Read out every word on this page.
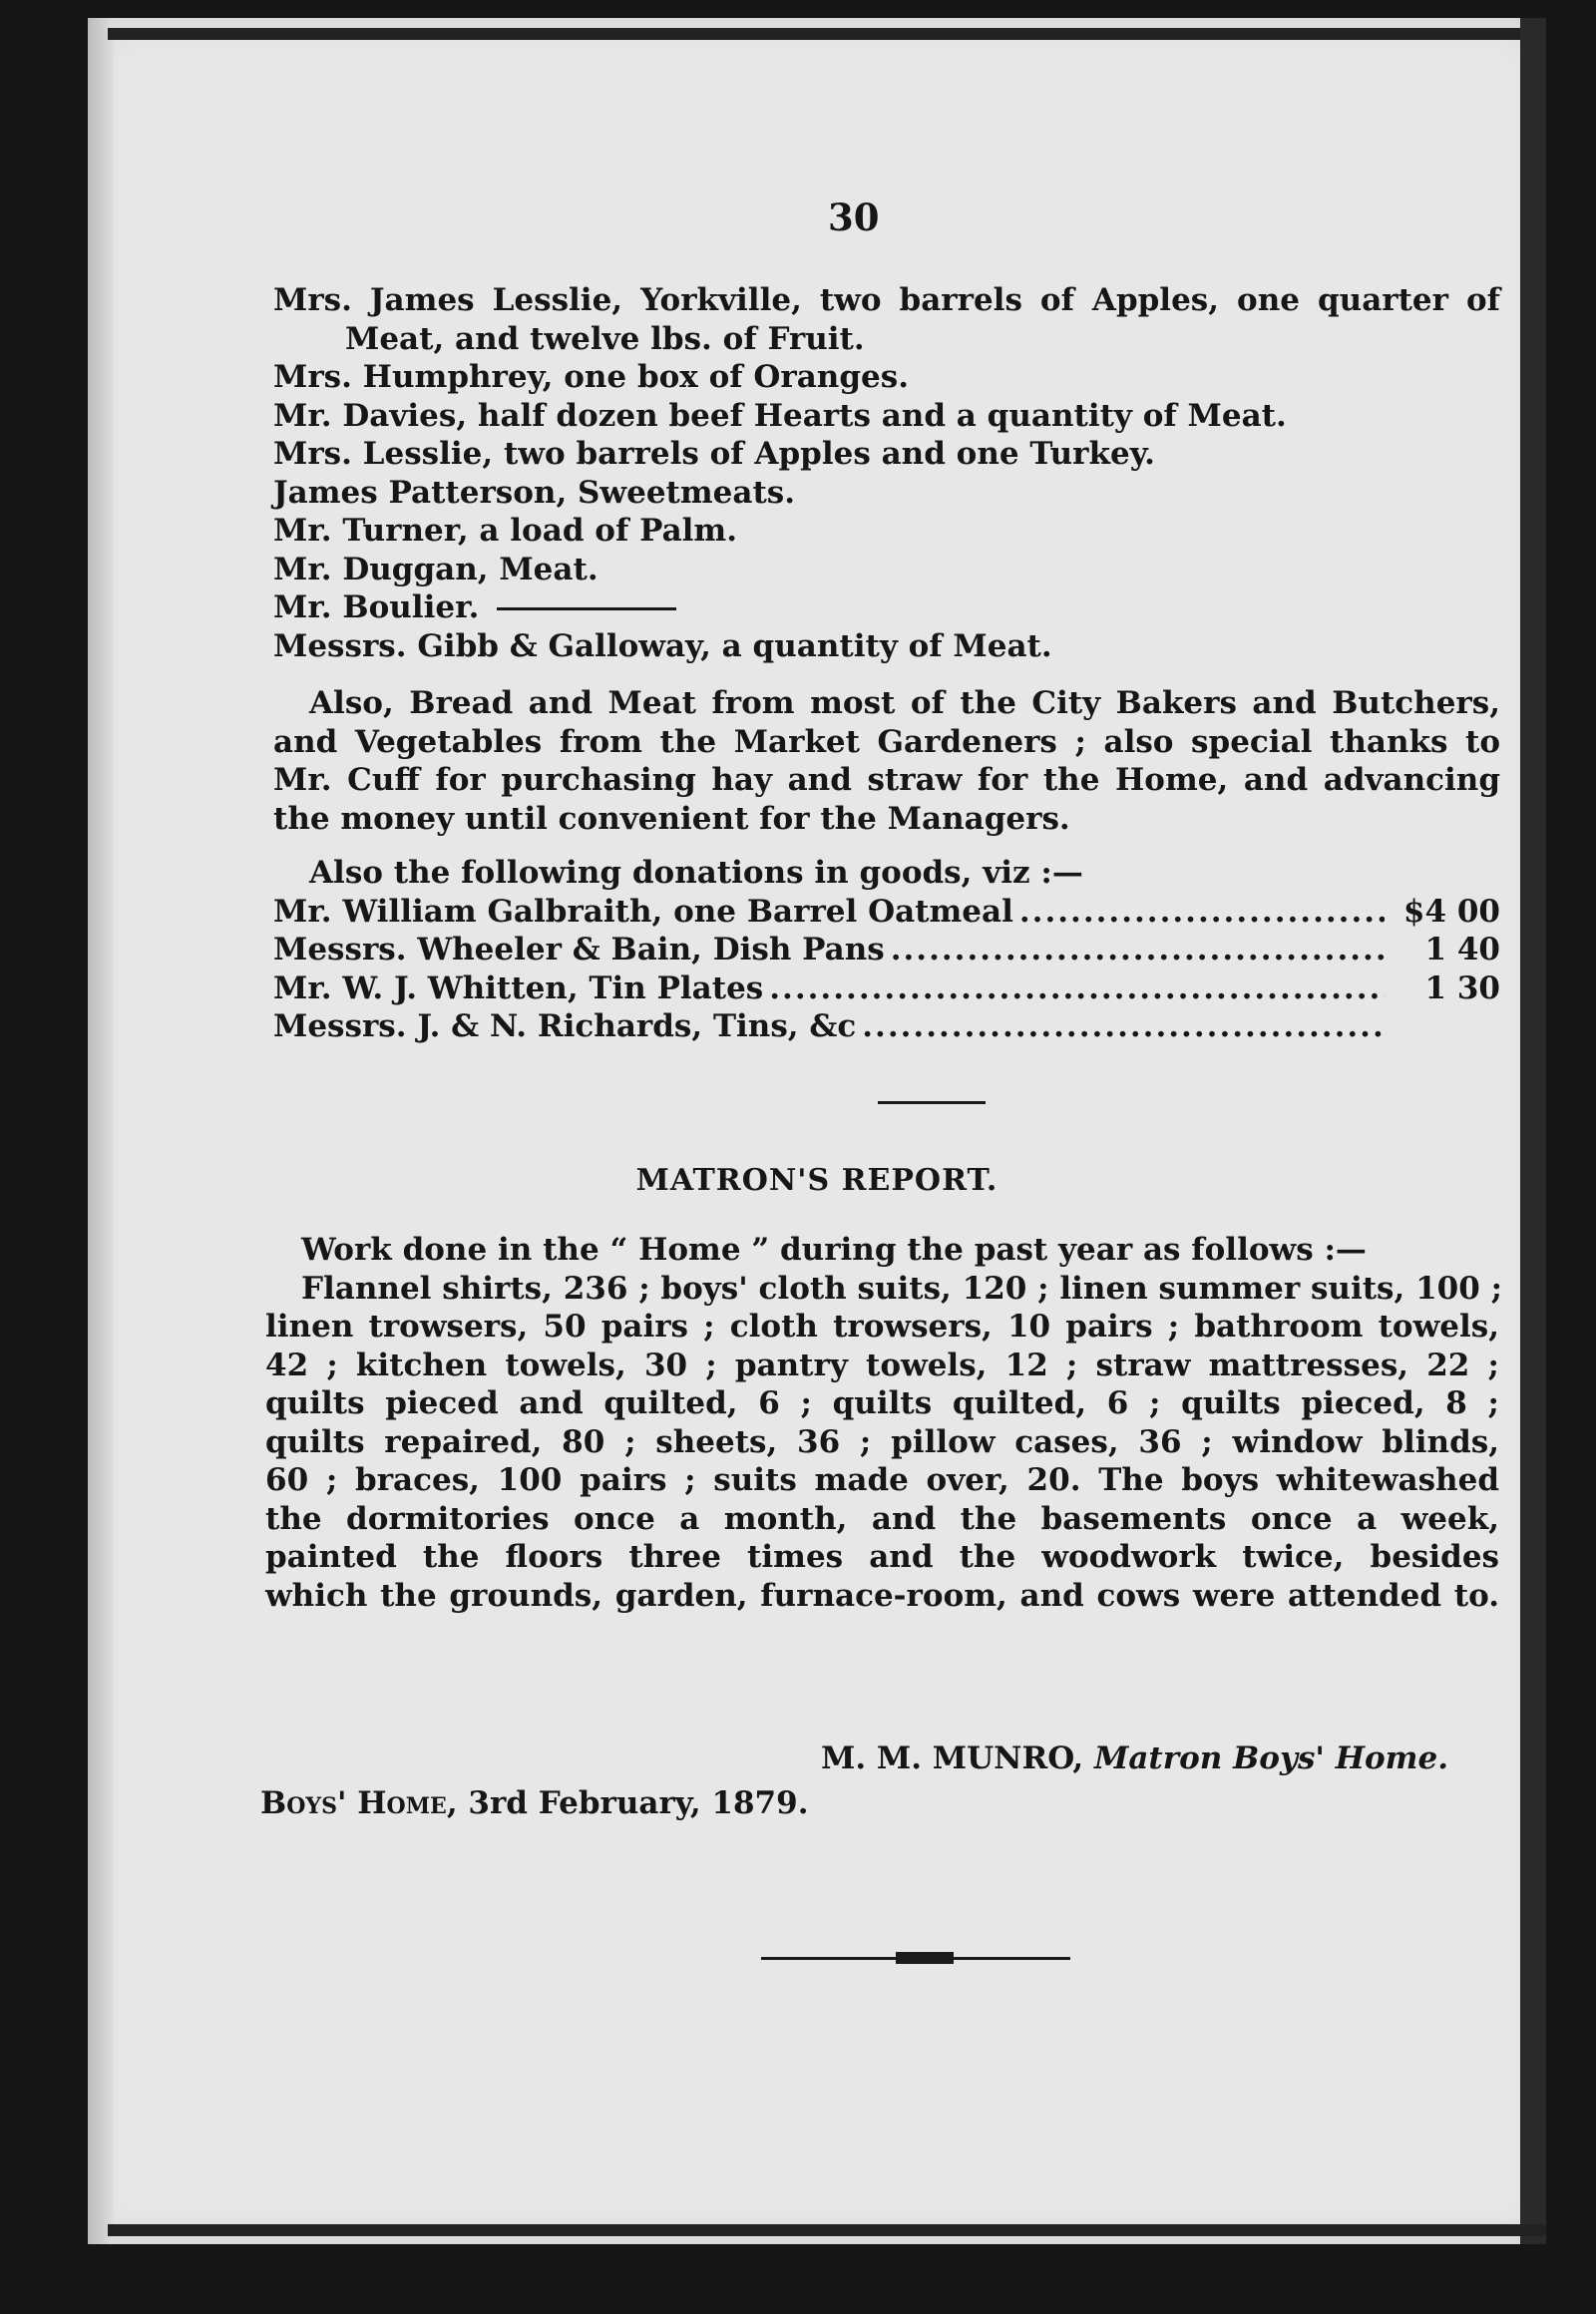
30
Mrs. James Lesslie, Yorkville, two barrels of Apples, one quarter of
Meat, and twelve lbs. of Fruit.
Mrs. Humphrey, one box of Oranges.
Mr. Davies, half dozen beef Hearts and a quantity of Meat.
Mrs. Lesslie, two barrels of Apples and one Turkey.
James Patterson, Sweetmeats.
Mr. Turner, a load of Palm.
Mr. Duggan, Meat.
Mr. Boulier.
Messrs. Gibb & Galloway, a quantity of Meat.
Also, Bread and Meat from most of the City Bakers and Butchers,
and Vegetables from the Market Gardeners ; also special thanks to
Mr. Cuff for purchasing hay and straw for the Home, and advancing
the money until convenient for the Managers.
Also the following donations in goods, viz :—
Mr. William Galbraith, one Barrel Oatmeal .....	$4 00
Messrs. Wheeler & Bain, Dish Pans .....	1 40
Mr. W. J. Whitten, Tin Plates .....	1 30
Messrs. J. & N. Richards, Tins, &c
.....
MATRON'S REPORT.
Work done in the “ Home ” during the past year as follows :—
Flannel shirts, 236 ; boys' cloth suits, 120 ; linen summer suits, 100 ;
linen trowsers, 50 pairs ; cloth trowsers, 10 pairs ; bathroom towels,
42 ; kitchen towels, 30 ; pantry towels, 12 ; straw mattresses, 22 ;
quilts pieced and quilted, 6 ; quilts quilted, 6 ; quilts pieced, 8 ;
quilts repaired, 80 ; sheets, 36 ; pillow cases, 36 ; window blinds,
60 ; braces, 100 pairs ; suits made over, 20. The boys whitewashed
the dormitories once a month, and the basements once a week,
painted the floors three times and the woodwork twice, besides
which the grounds, garden, furnace-room, and cows were attended to.
M. M. MUNRO, Matron Boys' Home.
Boys' Home, 3rd February, 1879.
